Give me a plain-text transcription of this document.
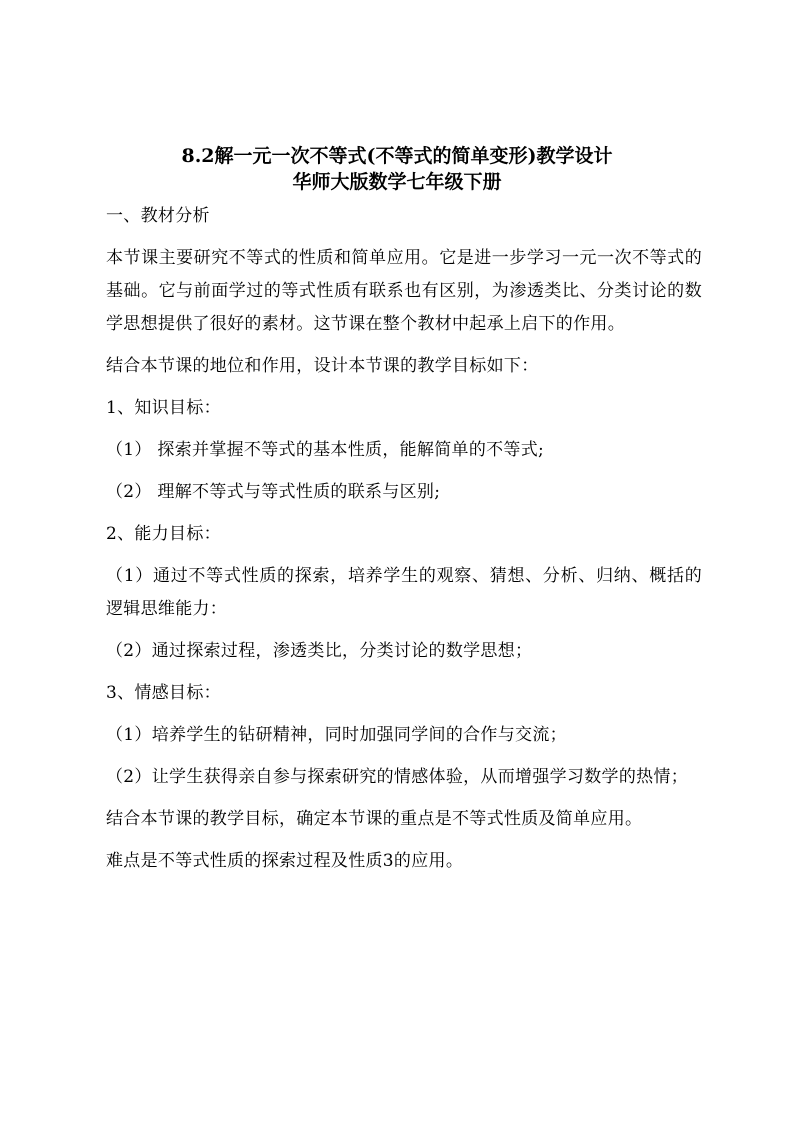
8.2解一元一次不等式(不等式的简单变形)教学设计
华师大版数学七年级下册

一、教材分析

本节课主要研究不等式的性质和简单应用。它是进一步学习一元一次不等式的基础。它与前面学过的等式性质有联系也有区别，为渗透类比、分类讨论的数学思想提供了很好的素材。这节课在整个教材中起承上启下的作用。

结合本节课的地位和作用，设计本节课的教学目标如下：

1、知识目标：

（1） 探索并掌握不等式的基本性质，能解简单的不等式;

（2） 理解不等式与等式性质的联系与区别;

2、能力目标：

（1）通过不等式性质的探索，培养学生的观察、猜想、分析、归纳、概括的逻辑思维能力：

（2）通过探索过程，渗透类比，分类讨论的数学思想；

3、情感目标：

（1）培养学生的钻研精神，同时加强同学间的合作与交流；

（2）让学生获得亲自参与探索研究的情感体验，从而增强学习数学的热情；

结合本节课的教学目标，确定本节课的重点是不等式性质及简单应用。

难点是不等式性质的探索过程及性质3的应用。
